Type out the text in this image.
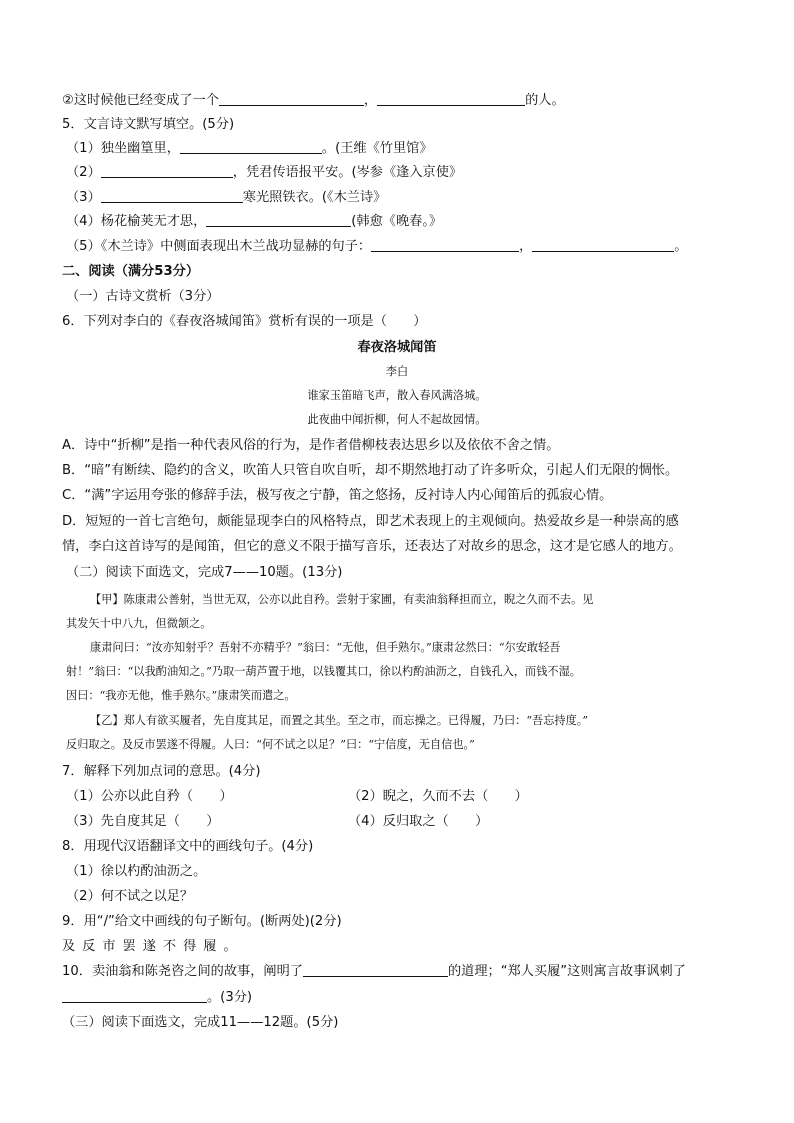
②这时候他已经变成了一个	，	的人。
5．文言诗文默写填空。(5分)
（1）独坐幽篁里，	。(王维《竹里馆》
（2）	，凭君传语报平安。(岑参《逢入京使》
（3）	寒光照铁衣。(《木兰诗》
（4）杨花榆荚无才思，	(韩愈《晚春。》
（5）《木兰诗》中侧面表现出木兰战功显赫的句子：	，	。
二、阅读（满分53分）
（一）古诗文赏析（3分）
6．下列对李白的《春夜洛城闻笛》赏析有误的一项是（　　）
春夜洛城闻笛
李白
谁家玉笛暗飞声，散入春风满洛城。
此夜曲中闻折柳，何人不起故园情。
A．诗中“折柳”是指一种代表风俗的行为，是作者借柳枝表达思乡以及依依不舍之情。
B．“暗”有断续、隐约的含义，吹笛人只管自吹自听，却不期然地打动了许多听众，引起人们无限的惆怅。
C．“满”字运用夸张的修辞手法，极写夜之宁静，笛之悠扬，反衬诗人内心闻笛后的孤寂心情。
D．短短的一首七言绝句，颇能显现李白的风格特点，即艺术表现上的主观倾向。热爱故乡是一种崇高的感
情，李白这首诗写的是闻笛，但它的意义不限于描写音乐，还表达了对故乡的思念，这才是它感人的地方。
（二）阅读下面选文，完成7——10题。(13分)
【甲】陈康肃公善射，当世无双，公亦以此自矜。尝射于家圃，有卖油翁释担而立，睨之久而不去。见
其发矢十中八九，但微颔之。
康肃问曰：“汝亦知射乎？吾射不亦精乎？”翁曰：“无他，但手熟尔。”康肃忿然曰：“尔安敢轻吾
射！”翁曰：“以我酌油知之。”乃取一葫芦置于地，以钱覆其口，徐以杓酌油沥之，自钱孔入，而钱不湿。
因曰：“我亦无他，惟手熟尔。”康肃笑而遣之。
【乙】郑人有欲买履者，先自度其足，而置之其坐。至之市，而忘操之。已得履，乃曰：“吾忘持度。”
反归取之。及反市罢遂不得履。人曰：“何不试之以足？”曰：“宁信度，无自信也。”
7．解释下列加点词的意思。(4分)
（1）公亦以此自矜（　　）	（2）睨之，久而不去（　　）
（3）先自度其足（　　）	（4）反归取之（　　）
8．用现代汉语翻译文中的画线句子。(4分)
（1）徐以杓酌油沥之。
（2）何不试之以足？
9．用“/”给文中画线的句子断句。(断两处)(2分)
及反市罢遂不得履。
10．卖油翁和陈尧咨之间的故事，阐明了	的道理；“郑人买履”这则寓言故事讽刺了
。(3分)
（三）阅读下面选文，完成11——12题。(5分)
